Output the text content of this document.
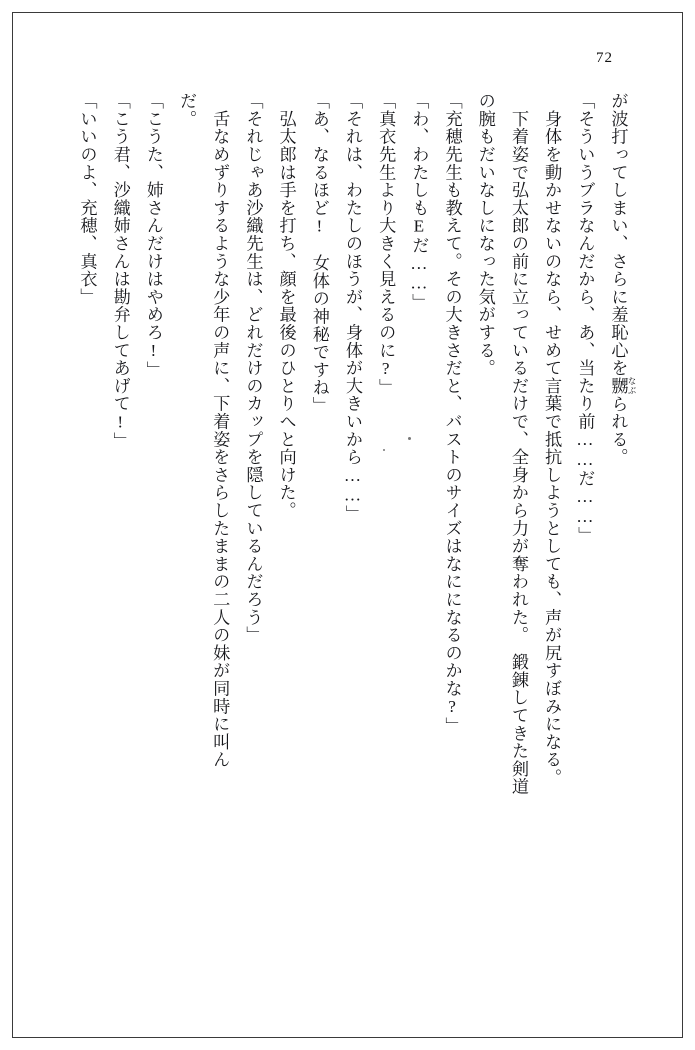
72

が波打ってしまい、さらに羞恥心を嬲 なぶられる。

「そういうブラなんだから、あ、当たり前……だ……」

　身体を動かせないのなら、せめて言葉で抵抗しようとしても、声が尻すぼみになる。

　下着姿で弘太郎の前に立っているだけで、全身から力が奪われた。　鍛錬してきた剣道

の腕もだいなしになった気がする。

「充穂先生も教えて。その大きさだと、バストのサイズはなにになるのかな?」

「わ、わたしもEだ……」

「真衣先生より大きく見えるのに?」

「それは、わたしのほうが、身体が大きいから……」

「あ、なるほど!　女体の神秘ですね」

　弘太郎は手を打ち、顔を最後のひとりへと向けた。

「それじゃあ沙織先生は、どれだけのカップを隠しているんだろう」

　舌なめずりするような少年の声に、下着姿をさらしたままの二人の妹が同時に叫ん

だ。

「こうた、姉さんだけはやめろ!」

「こう君、沙織姉さんは勘弁してあげて!」

「いいのよ、充穂、真衣」
